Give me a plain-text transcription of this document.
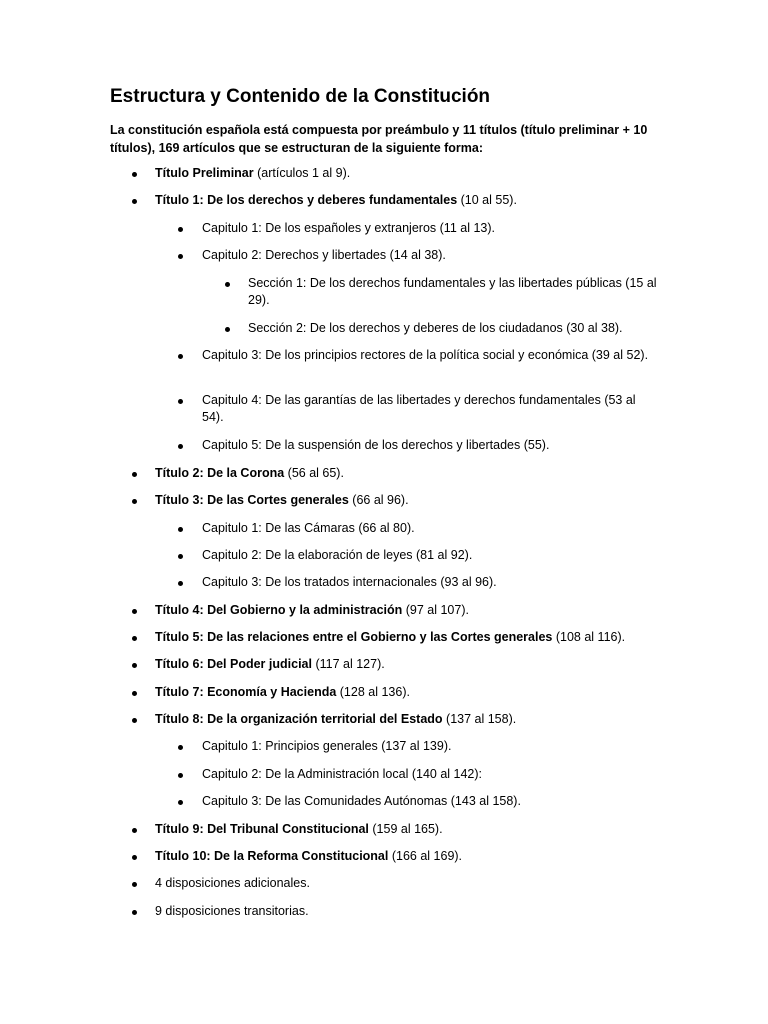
Estructura y Contenido de la Constitución
La constitución española está compuesta por preámbulo y 11 títulos (título preliminar + 10 títulos), 169 artículos que se estructuran de la siguiente forma:
Título Preliminar (artículos 1 al 9).
Título 1: De los derechos y deberes fundamentales (10 al 55).
Capitulo 1: De los españoles y extranjeros (11 al 13).
Capitulo 2: Derechos y libertades (14 al 38).
Sección 1: De los derechos fundamentales y las libertades públicas (15 al 29).
Sección 2: De los derechos y deberes de los ciudadanos (30 al 38).
Capitulo 3: De los principios rectores de la política social y económica (39 al 52).
Capitulo 4: De las garantías de las libertades y derechos fundamentales (53 al 54).
Capitulo 5: De la suspensión de los derechos y libertades (55).
Título 2: De la Corona (56 al 65).
Título 3: De las Cortes generales (66 al 96).
Capitulo 1: De las Cámaras (66 al 80).
Capitulo 2: De la elaboración de leyes (81 al 92).
Capitulo 3: De los tratados internacionales (93 al 96).
Título 4: Del Gobierno y la administración (97 al 107).
Título 5: De las relaciones entre el Gobierno y las Cortes generales (108 al 116).
Título 6: Del Poder judicial (117 al 127).
Título 7: Economía y Hacienda (128 al 136).
Título 8: De la organización territorial del Estado (137 al 158).
Capitulo 1: Principios generales (137 al 139).
Capitulo 2: De la Administración local (140 al 142):
Capitulo 3: De las Comunidades Autónomas (143 al 158).
Título 9: Del Tribunal Constitucional (159 al 165).
Título 10: De la Reforma Constitucional (166 al 169).
4 disposiciones adicionales.
9 disposiciones transitorias.
